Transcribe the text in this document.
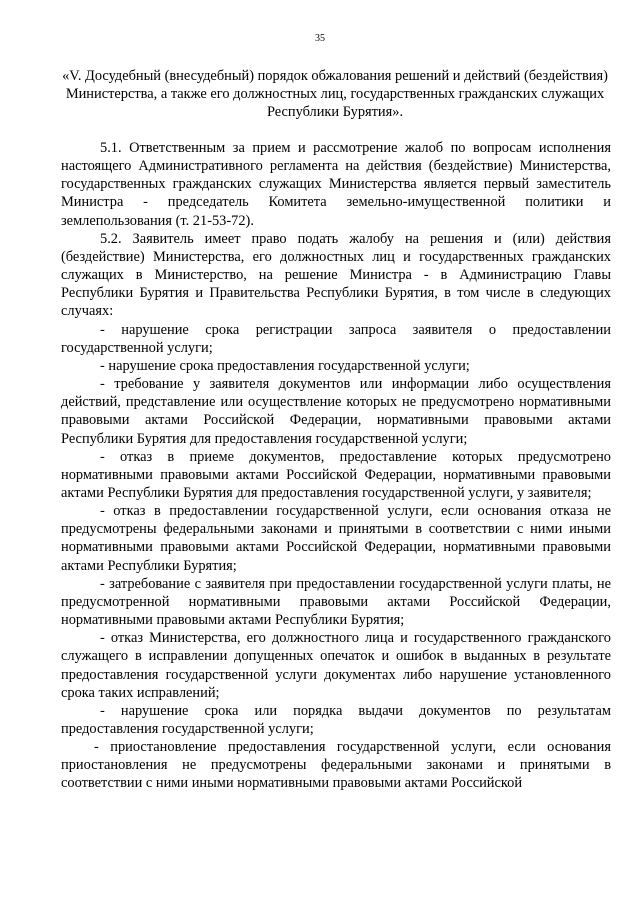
35
«V. Досудебный (внесудебный) порядок обжалования решений и действий (бездействия) Министерства, а также его должностных лиц, государственных гражданских служащих Республики Бурятия».

5.1. Ответственным за прием и рассмотрение жалоб по вопросам исполнения настоящего Административного регламента на действия (бездействие) Министерства, государственных гражданских служащих Министерства является первый заместитель Министра - председатель Комитета земельно-имущественной политики и землепользования (т. 21-53-72).

5.2. Заявитель имеет право подать жалобу на решения и (или) действия (бездействие) Министерства, его должностных лиц и государственных гражданских служащих в Министерство, на решение Министра - в Администрацию Главы Республики Бурятия и Правительства Республики Бурятия, в том числе в следующих случаях:

- нарушение срока регистрации запроса заявителя о предоставлении государственной услуги;

- нарушение срока предоставления государственной услуги;

- требование у заявителя документов или информации либо осуществления действий, представление или осуществление которых не предусмотрено нормативными правовыми актами Российской Федерации, нормативными правовыми актами Республики Бурятия для предоставления государственной услуги;

- отказ в приеме документов, предоставление которых предусмотрено нормативными правовыми актами Российской Федерации, нормативными правовыми актами Республики Бурятия для предоставления государственной услуги, у заявителя;

- отказ в предоставлении государственной услуги, если основания отказа не предусмотрены федеральными законами и принятыми в соответствии с ними иными нормативными правовыми актами Российской Федерации, нормативными правовыми актами Республики Бурятия;

- затребование с заявителя при предоставлении государственной услуги платы, не предусмотренной нормативными правовыми актами Российской Федерации, нормативными правовыми актами Республики Бурятия;

- отказ Министерства, его должностного лица и государственного гражданского служащего в исправлении допущенных опечаток и ошибок в выданных в результате предоставления государственной услуги документах либо нарушение установленного срока таких исправлений;

- нарушение срока или порядка выдачи документов по результатам предоставления государственной услуги;

- приостановление предоставления государственной услуги, если основания приостановления не предусмотрены федеральными законами и принятыми в соответствии с ними иными нормативными правовыми актами Российской
